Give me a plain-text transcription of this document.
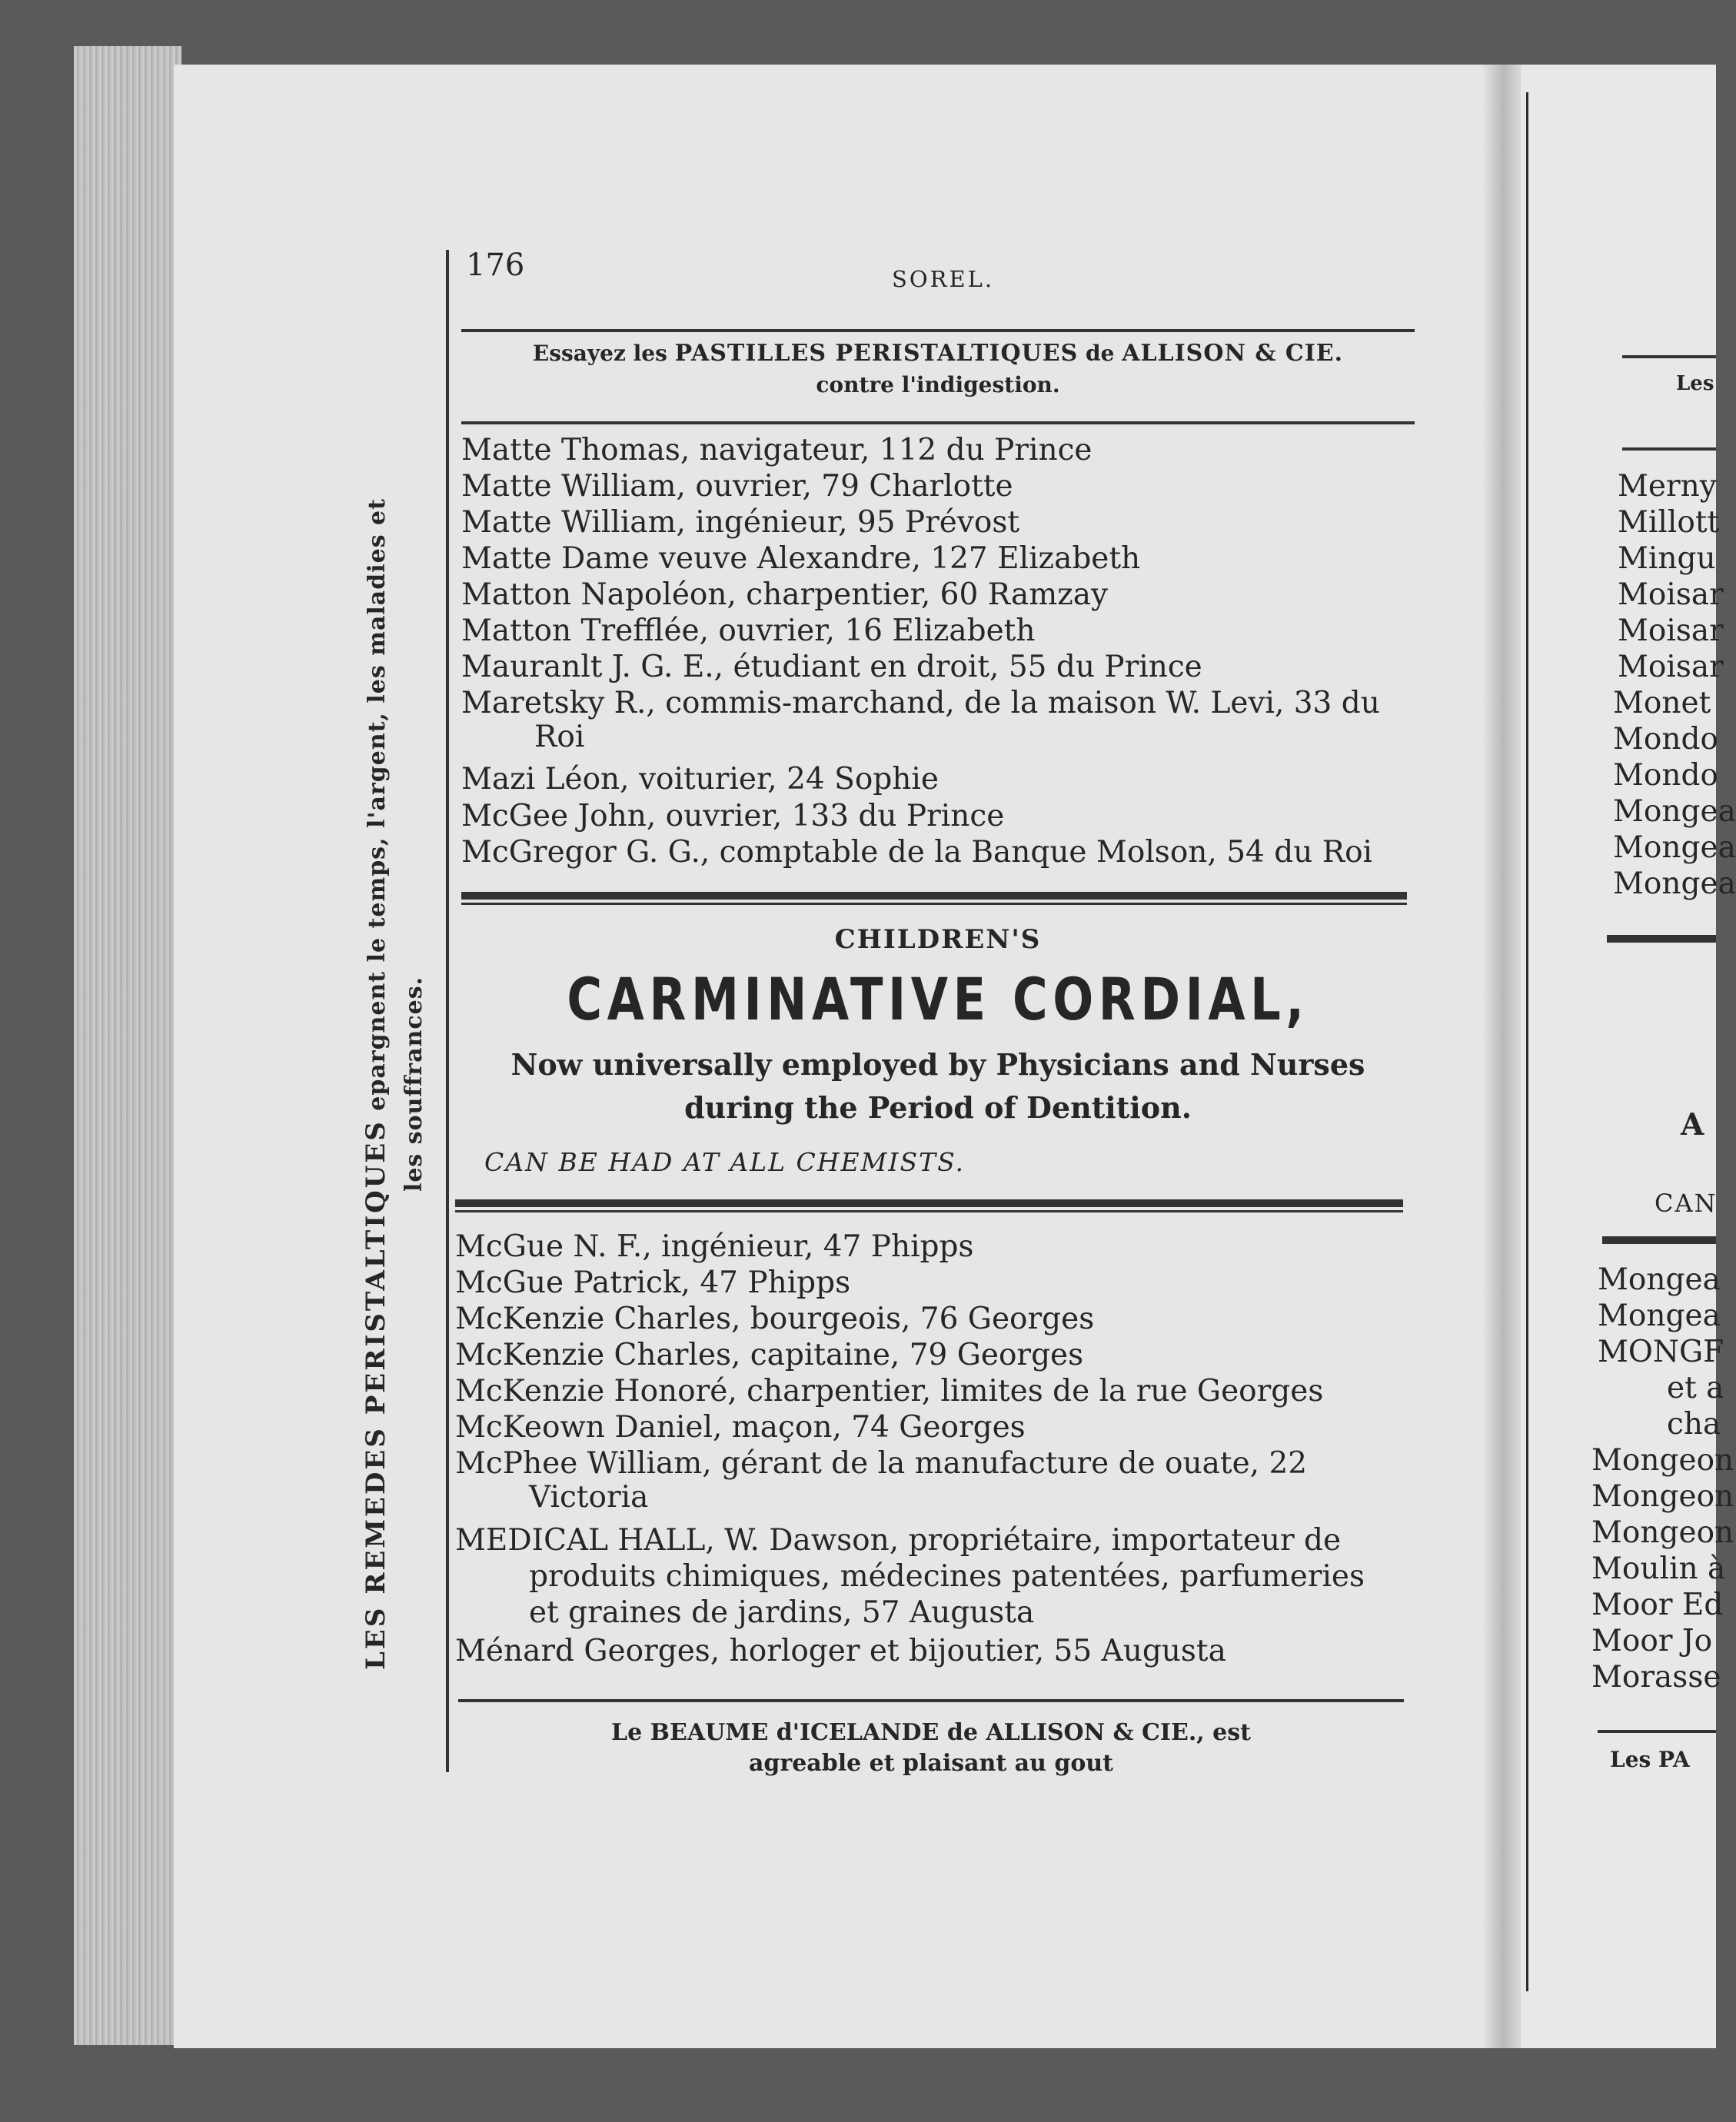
LES REMEDES PERISTALTIQUES epargnent le temps, l'argent, les maladies et les souffrances.
176	SOREL.
Essayez les PASTILLES PERISTALTIQUES de ALLISON & CIE.
contre l'indigestion.
Matte Thomas, navigateur, 112 du Prince
Matte William, ouvrier, 79 Charlotte
Matte William, ingénieur, 95 Prévost
Matte Dame veuve Alexandre, 127 Elizabeth
Matton Napoléon, charpentier, 60 Ramzay
Matton Trefflée, ouvrier, 16 Elizabeth
Mauranlt J. G. E., étudiant en droit, 55 du Prince
Maretsky R., commis-marchand, de la maison W. Levi, 33 du
Roi
Mazi Léon, voiturier, 24 Sophie
McGee John, ouvrier, 133 du Prince
McGregor G. G., comptable de la Banque Molson, 54 du Roi
CHILDREN'S
CARMINATIVE CORDIAL,
Now universally employed by Physicians and Nurses
during the Period of Dentition.
CAN BE HAD AT ALL CHEMISTS.
McGue N. F., ingénieur, 47 Phipps
McGue Patrick, 47 Phipps
McKenzie Charles, bourgeois, 76 Georges
McKenzie Charles, capitaine, 79 Georges
McKenzie Honoré, charpentier, limites de la rue Georges
McKeown Daniel, maçon, 74 Georges
McPhee William, gérant de la manufacture de ouate, 22
Victoria
MEDICAL HALL, W. Dawson, propriétaire, importateur de
produits chimiques, médecines patentées, parfumeries
et graines de jardins, 57 Augusta
Ménard Georges, horloger et bijoutier, 55 Augusta
Le BEAUME d'ICELANDE de ALLISON & CIE., est
agreable et plaisant au gout
Les
Merny
Millott
Mingu
Moisar
Moisar
Moisar
Monet
Mondo
Mondo
Mongea
Mongea
Mongea
A
CAN
Mongea
Mongea
MONGF
et a
cha
Mongeon
Mongeon
Mongeon
Moulin à
Moor Ed
Moor Jo
Morasse
Les PA
